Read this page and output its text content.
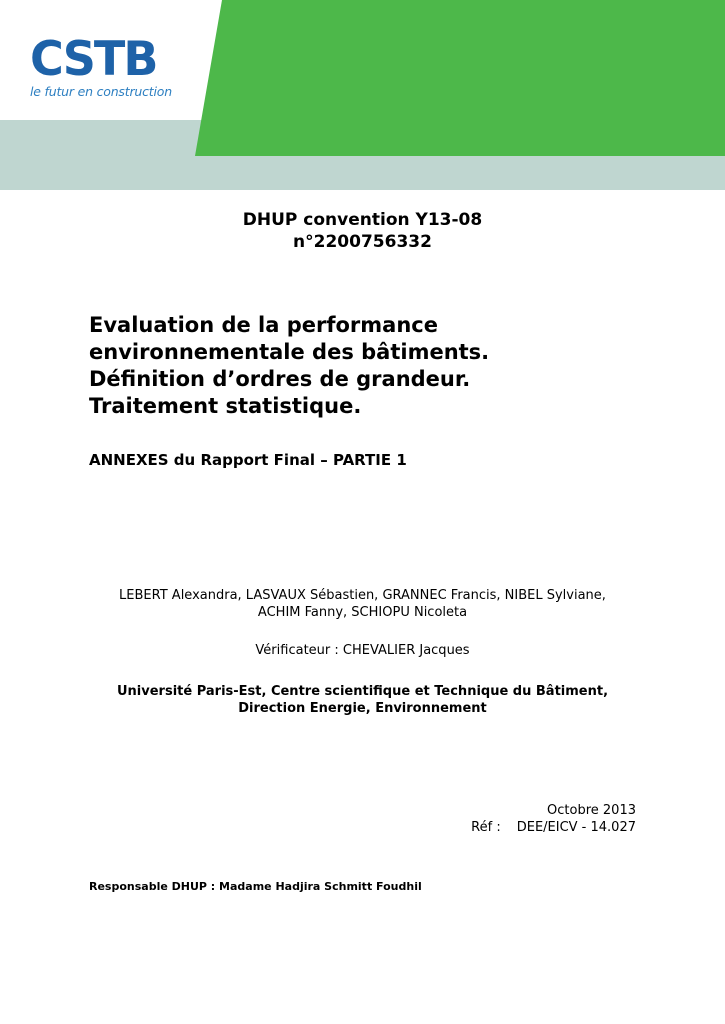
CSTB
le futur en construction
DHUP convention Y13-08
n°2200756332
Evaluation de la performance
environnementale des bâtiments.
Définition d’ordres de grandeur.
Traitement statistique.
ANNEXES du Rapport Final – PARTIE 1
LEBERT Alexandra, LASVAUX Sébastien, GRANNEC Francis, NIBEL Sylviane,
ACHIM Fanny, SCHIOPU Nicoleta
Vérificateur : CHEVALIER Jacques
Université Paris-Est, Centre scientifique et Technique du Bâtiment,
Direction Energie, Environnement
Octobre 2013
Réf : DEE/EICV - 14.027
Responsable DHUP : Madame Hadjira Schmitt Foudhil
